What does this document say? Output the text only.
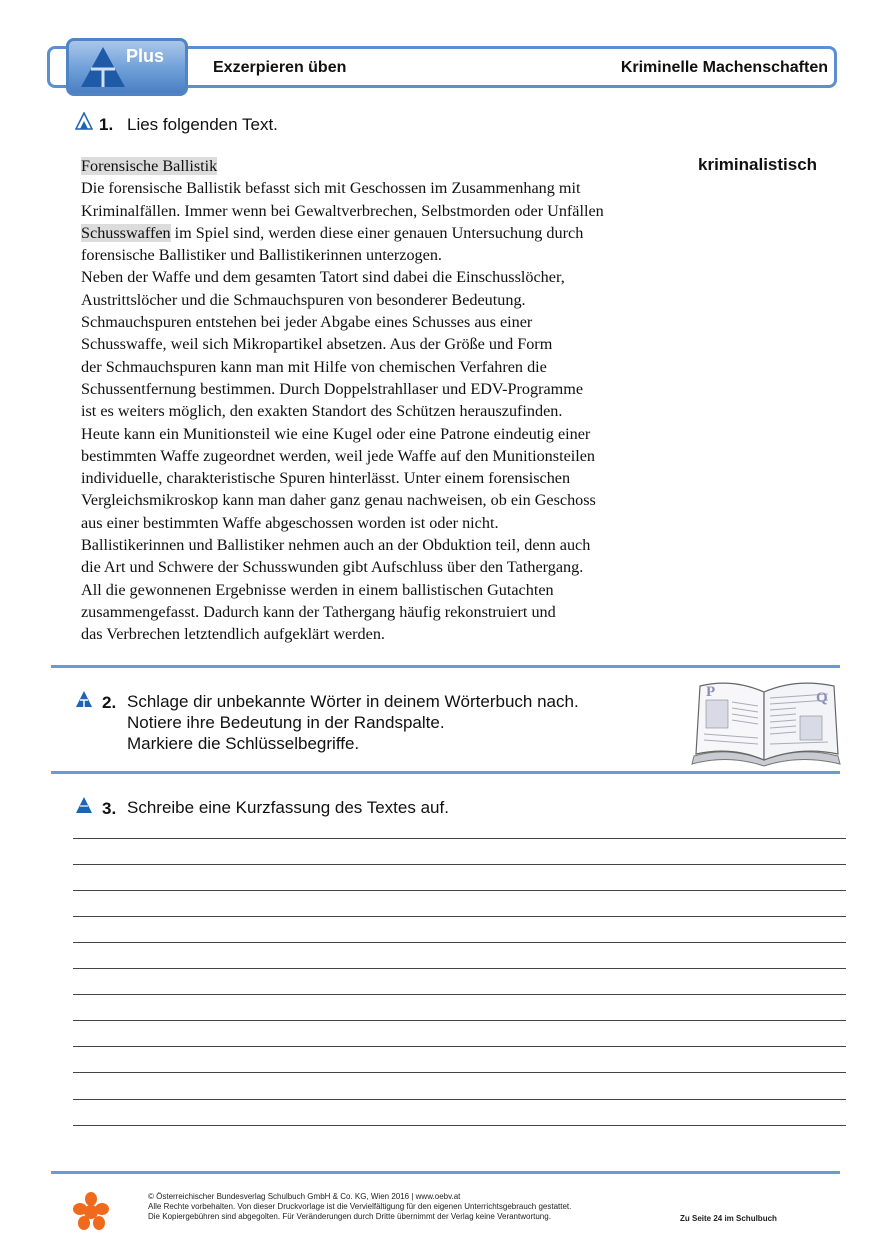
Plus
Exzerpieren üben	Kriminelle Machenschaften
1. Lies folgenden Text.

Forensische Ballistik

Die forensische Ballistik befasst sich mit Geschossen im Zusammenhang mit

Kriminalfällen. Immer wenn bei Gewaltverbrechen, Selbstmorden oder Unfällen

Schusswaffen im Spiel sind, werden diese einer genauen Untersuchung durch

forensische Ballistiker und Ballistikerinnen unterzogen.

Neben der Waffe und dem gesamten Tatort sind dabei die Einschusslöcher,

Austrittslöcher und die Schmauchspuren von besonderer Bedeutung.

Schmauchspuren entstehen bei jeder Abgabe eines Schusses aus einer

Schusswaffe, weil sich Mikropartikel absetzen. Aus der Größe und Form

der Schmauchspuren kann man mit Hilfe von chemischen Verfahren die

Schussentfernung bestimmen. Durch Doppelstrahllaser und EDV-Programme

ist es weiters möglich, den exakten Standort des Schützen herauszufinden.

Heute kann ein Munitionsteil wie eine Kugel oder eine Patrone eindeutig einer

bestimmten Waffe zugeordnet werden, weil jede Waffe auf den Munitionsteilen

individuelle, charakteristische Spuren hinterlässt. Unter einem forensischen

Vergleichsmikroskop kann man daher ganz genau nachweisen, ob ein Geschoss

aus einer bestimmten Waffe abgeschossen worden ist oder nicht.

Ballistikerinnen und Ballistiker nehmen auch an der Obduktion teil, denn auch

die Art und Schwere der Schusswunden gibt Aufschluss über den Tathergang.

All die gewonnenen Ergebnisse werden in einem ballistischen Gutachten

zusammengefasst. Dadurch kann der Tathergang häufig rekonstruiert und

das Verbrechen letztendlich aufgeklärt werden.

kriminalistisch
2. Schlage dir unbekannte Wörter in deinem Wörterbuch nach.
Notiere ihre Bedeutung in der Randspalte.
Markiere die Schlüsselbegriffe.
P	Q
3. Schreibe eine Kurzfassung des Textes auf.
© Österreichischer Bundesverlag Schulbuch GmbH & Co. KG, Wien 2016 | www.oebv.at
Alle Rechte vorbehalten. Von dieser Druckvorlage ist die Vervielfältigung für den eigenen Unterrichtsgebrauch gestattet.
Die Kopiergebühren sind abgegolten. Für Veränderungen durch Dritte übernimmt der Verlag keine Verantwortung.	Zu Seite 24 im Schulbuch
